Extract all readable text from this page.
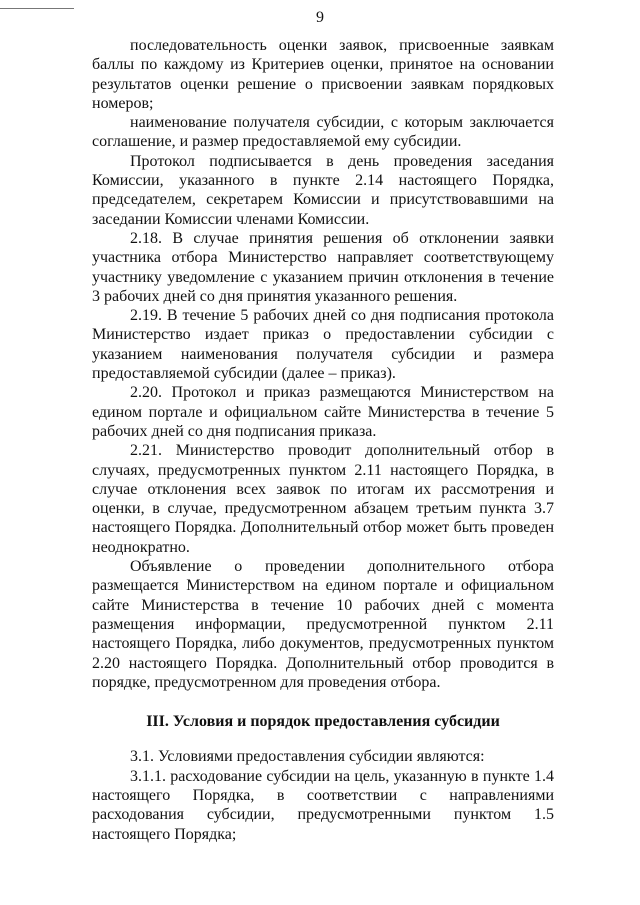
9

последовательность оценки заявок, присвоенные заявкам баллы по каждому из Критериев оценки, принятое на основании результатов оценки решение о присвоении заявкам порядковых номеров;

наименование получателя субсидии, с которым заключается соглашение, и размер предоставляемой ему субсидии.

Протокол подписывается в день проведения заседания Комиссии, указанного в пункте 2.14 настоящего Порядка, председателем, секретарем Комиссии и присутствовавшими на заседании Комиссии членами Комиссии.

2.18. В случае принятия решения об отклонении заявки участника отбора Министерство направляет соответствующему участнику уведомление с указанием причин отклонения в течение 3 рабочих дней со дня принятия указанного решения.

2.19. В течение 5 рабочих дней со дня подписания протокола Министерство издает приказ о предоставлении субсидии с указанием наименования получателя субсидии и размера предоставляемой субсидии (далее – приказ).

2.20. Протокол и приказ размещаются Министерством на едином портале и официальном сайте Министерства в течение 5 рабочих дней со дня подписания приказа.

2.21. Министерство проводит дополнительный отбор в случаях, предусмотренных пунктом 2.11 настоящего Порядка, в случае отклонения всех заявок по итогам их рассмотрения и оценки, в случае, предусмотренном абзацем третьим пункта 3.7 настоящего Порядка. Дополнительный отбор может быть проведен неоднократно.

Объявление о проведении дополнительного отбора размещается Министерством на едином портале и официальном сайте Министерства в течение 10 рабочих дней с момента размещения информации, предусмотренной пунктом 2.11 настоящего Порядка, либо документов, предусмотренных пунктом 2.20 настоящего Порядка. Дополнительный отбор проводится в порядке, предусмотренном для проведения отбора.

III. Условия и порядок предоставления субсидии

3.1. Условиями предоставления субсидии являются:

3.1.1. расходование субсидии на цель, указанную в пункте 1.4 настоящего Порядка, в соответствии с направлениями расходования субсидии, предусмотренными пунктом 1.5 настоящего Порядка;
